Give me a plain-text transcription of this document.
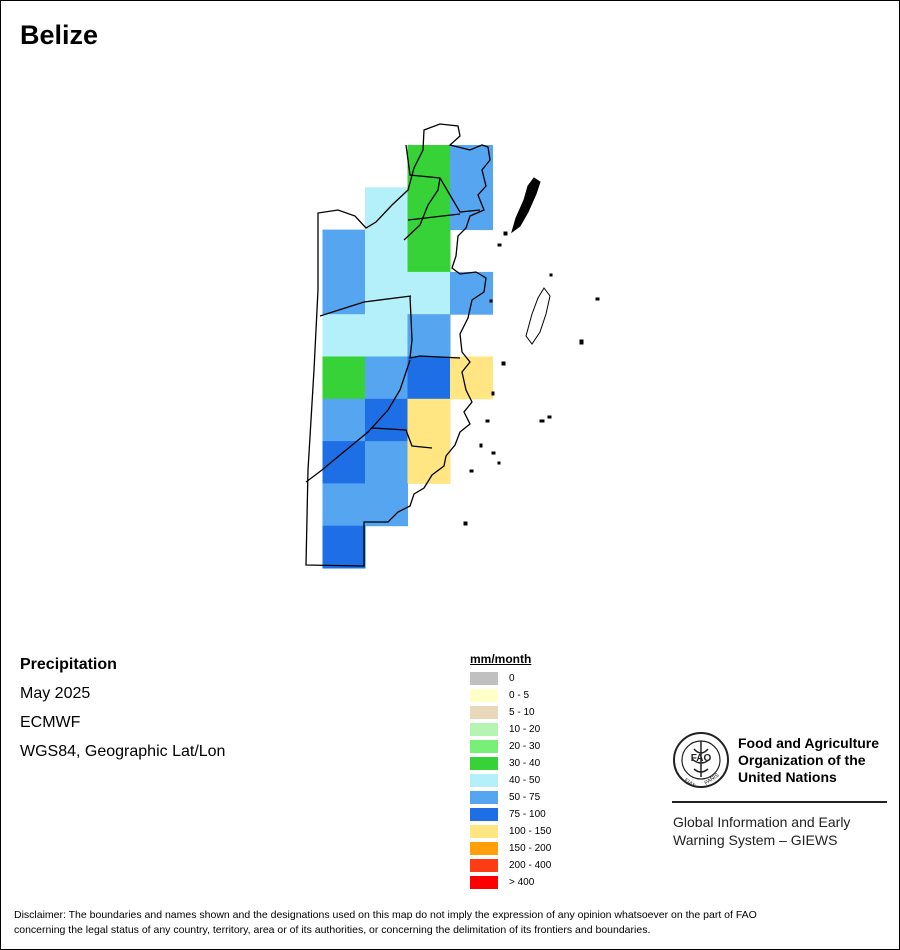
Belize
Precipitation
May 2025
ECMWF
WGS84, Geographic Lat/Lon
mm/month
0
0 - 5
5 - 10
10 - 20
20 - 30
30 - 40
40 - 50
50 - 75
75 - 100
100 - 150
150 - 200
200 - 400
> 400
FAO
FIAT PANIS
Food and Agriculture
Organization of the
United Nations
Global Information and Early
Warning System – GIEWS
Disclaimer: The boundaries and names shown and the designations used on this map do not imply the expression of any opinion whatsoever on the part of FAO
concerning the legal status of any country, territory, area or of its authorities, or concerning the delimitation of its frontiers and boundaries.
